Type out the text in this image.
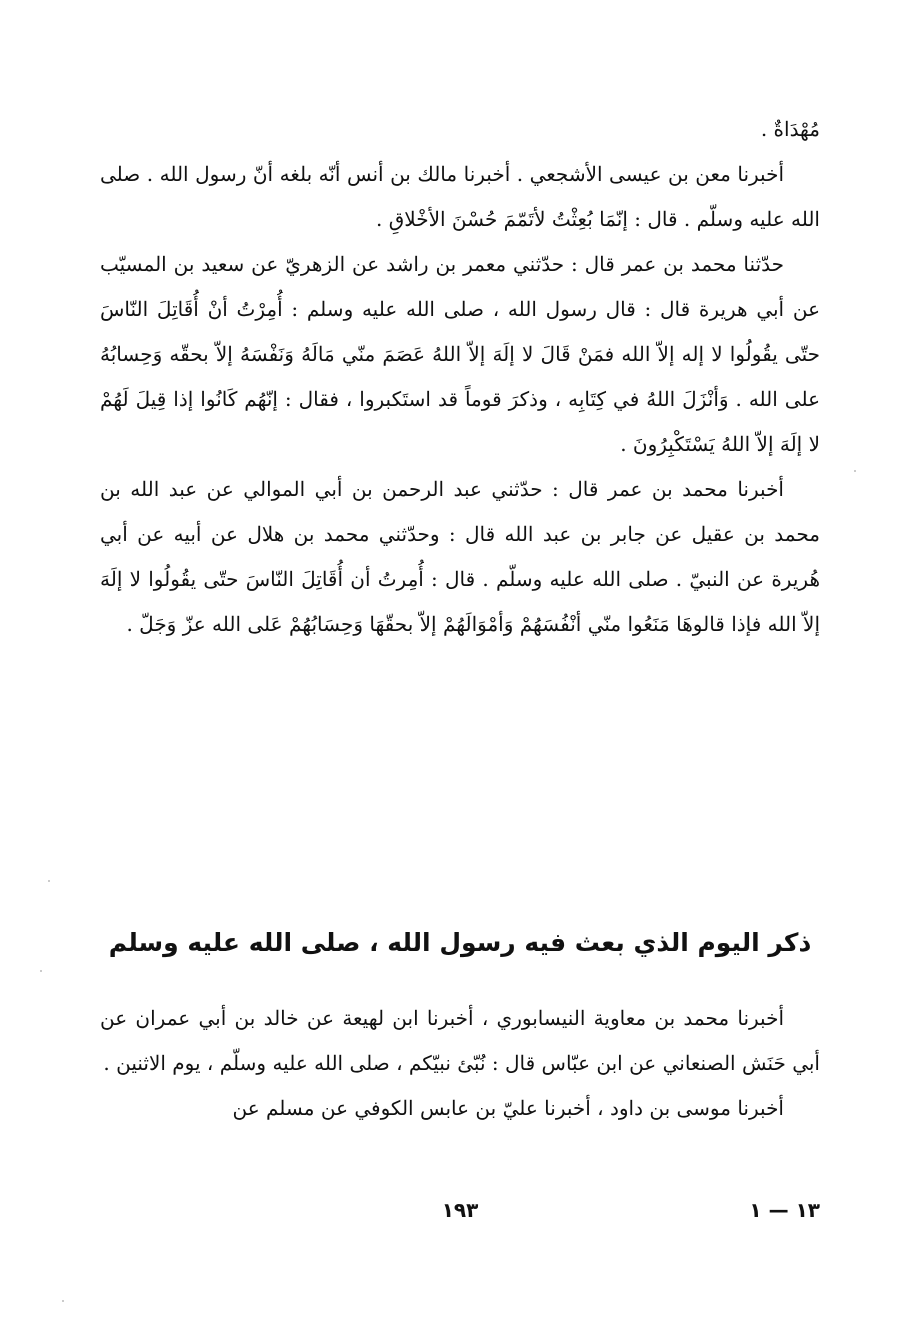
مُهْدَاةٌ .

أخبرنا معن بن عيسى الأشجعي . أخبرنا مالك بن أنس أنّه بلغه أنّ رسول الله . صلى الله عليه وسلّم . قال : إنّمَا بُعِثْتُ لأتَمّمَ حُسْنَ الأخْلاقِ .

حدّثنا محمد بن عمر قال : حدّثني معمر بن راشد عن الزهريّ عن سعيد بن المسيّب عن أبي هريرة قال : قال رسول الله ، صلى الله عليه وسلم : أُمِرْتُ أنْ أُقَاتِلَ النّاسَ حتّى يقُولُوا لا إله إلاّ الله فمَنْ قَالَ لا إلَهَ إلاّ اللهُ عَصَمَ منّي مَالَهُ وَنَفْسَهُ إلاّ بحقّه وَحِسابُهُ على الله . وَأنْزَلَ اللهُ في كِتَابِه ، وذكرَ قوماً قد استَكبروا ، فقال : إنّهُم كَانُوا إذا قِيلَ لَهُمْ لا إلَهَ إلاّ اللهُ يَسْتَكْبِرُونَ .

أخبرنا محمد بن عمر قال : حدّثني عبد الرحمن بن أبي الموالي عن عبد الله بن محمد بن عقيل عن جابر بن عبد الله قال : وحدّثني محمد بن هلال عن أبيه عن أبي هُريرة عن النبيّ . صلى الله عليه وسلّم . قال : أُمِرتُ أن أُقَاتِلَ النّاسَ حتّى يقُولُوا لا إلَهَ إلاّ الله فإذا قالوهَا مَنَعُوا منّي أنْفُسَهُمْ وَأمْوَالَهُمْ إلاّ بحقّهَا وَحِسَابُهُمْ عَلى الله عزّ وَجَلّ .

ذكر اليوم الذي بعث فيه رسول الله ، صلى الله عليه وسلم

أخبرنا محمد بن معاوية النيسابوري ، أخبرنا ابن لهيعة عن خالد بن أبي عمران عن أبي حَنَش الصنعاني عن ابن عبّاس قال : نُبّئ نبيّكم ، صلى الله عليه وسلّم ، يوم الاثنين .

أخبرنا موسى بن داود ، أخبرنا عليّ بن عابس الكوفي عن مسلم عن

١٩٣	١٣ — ١
